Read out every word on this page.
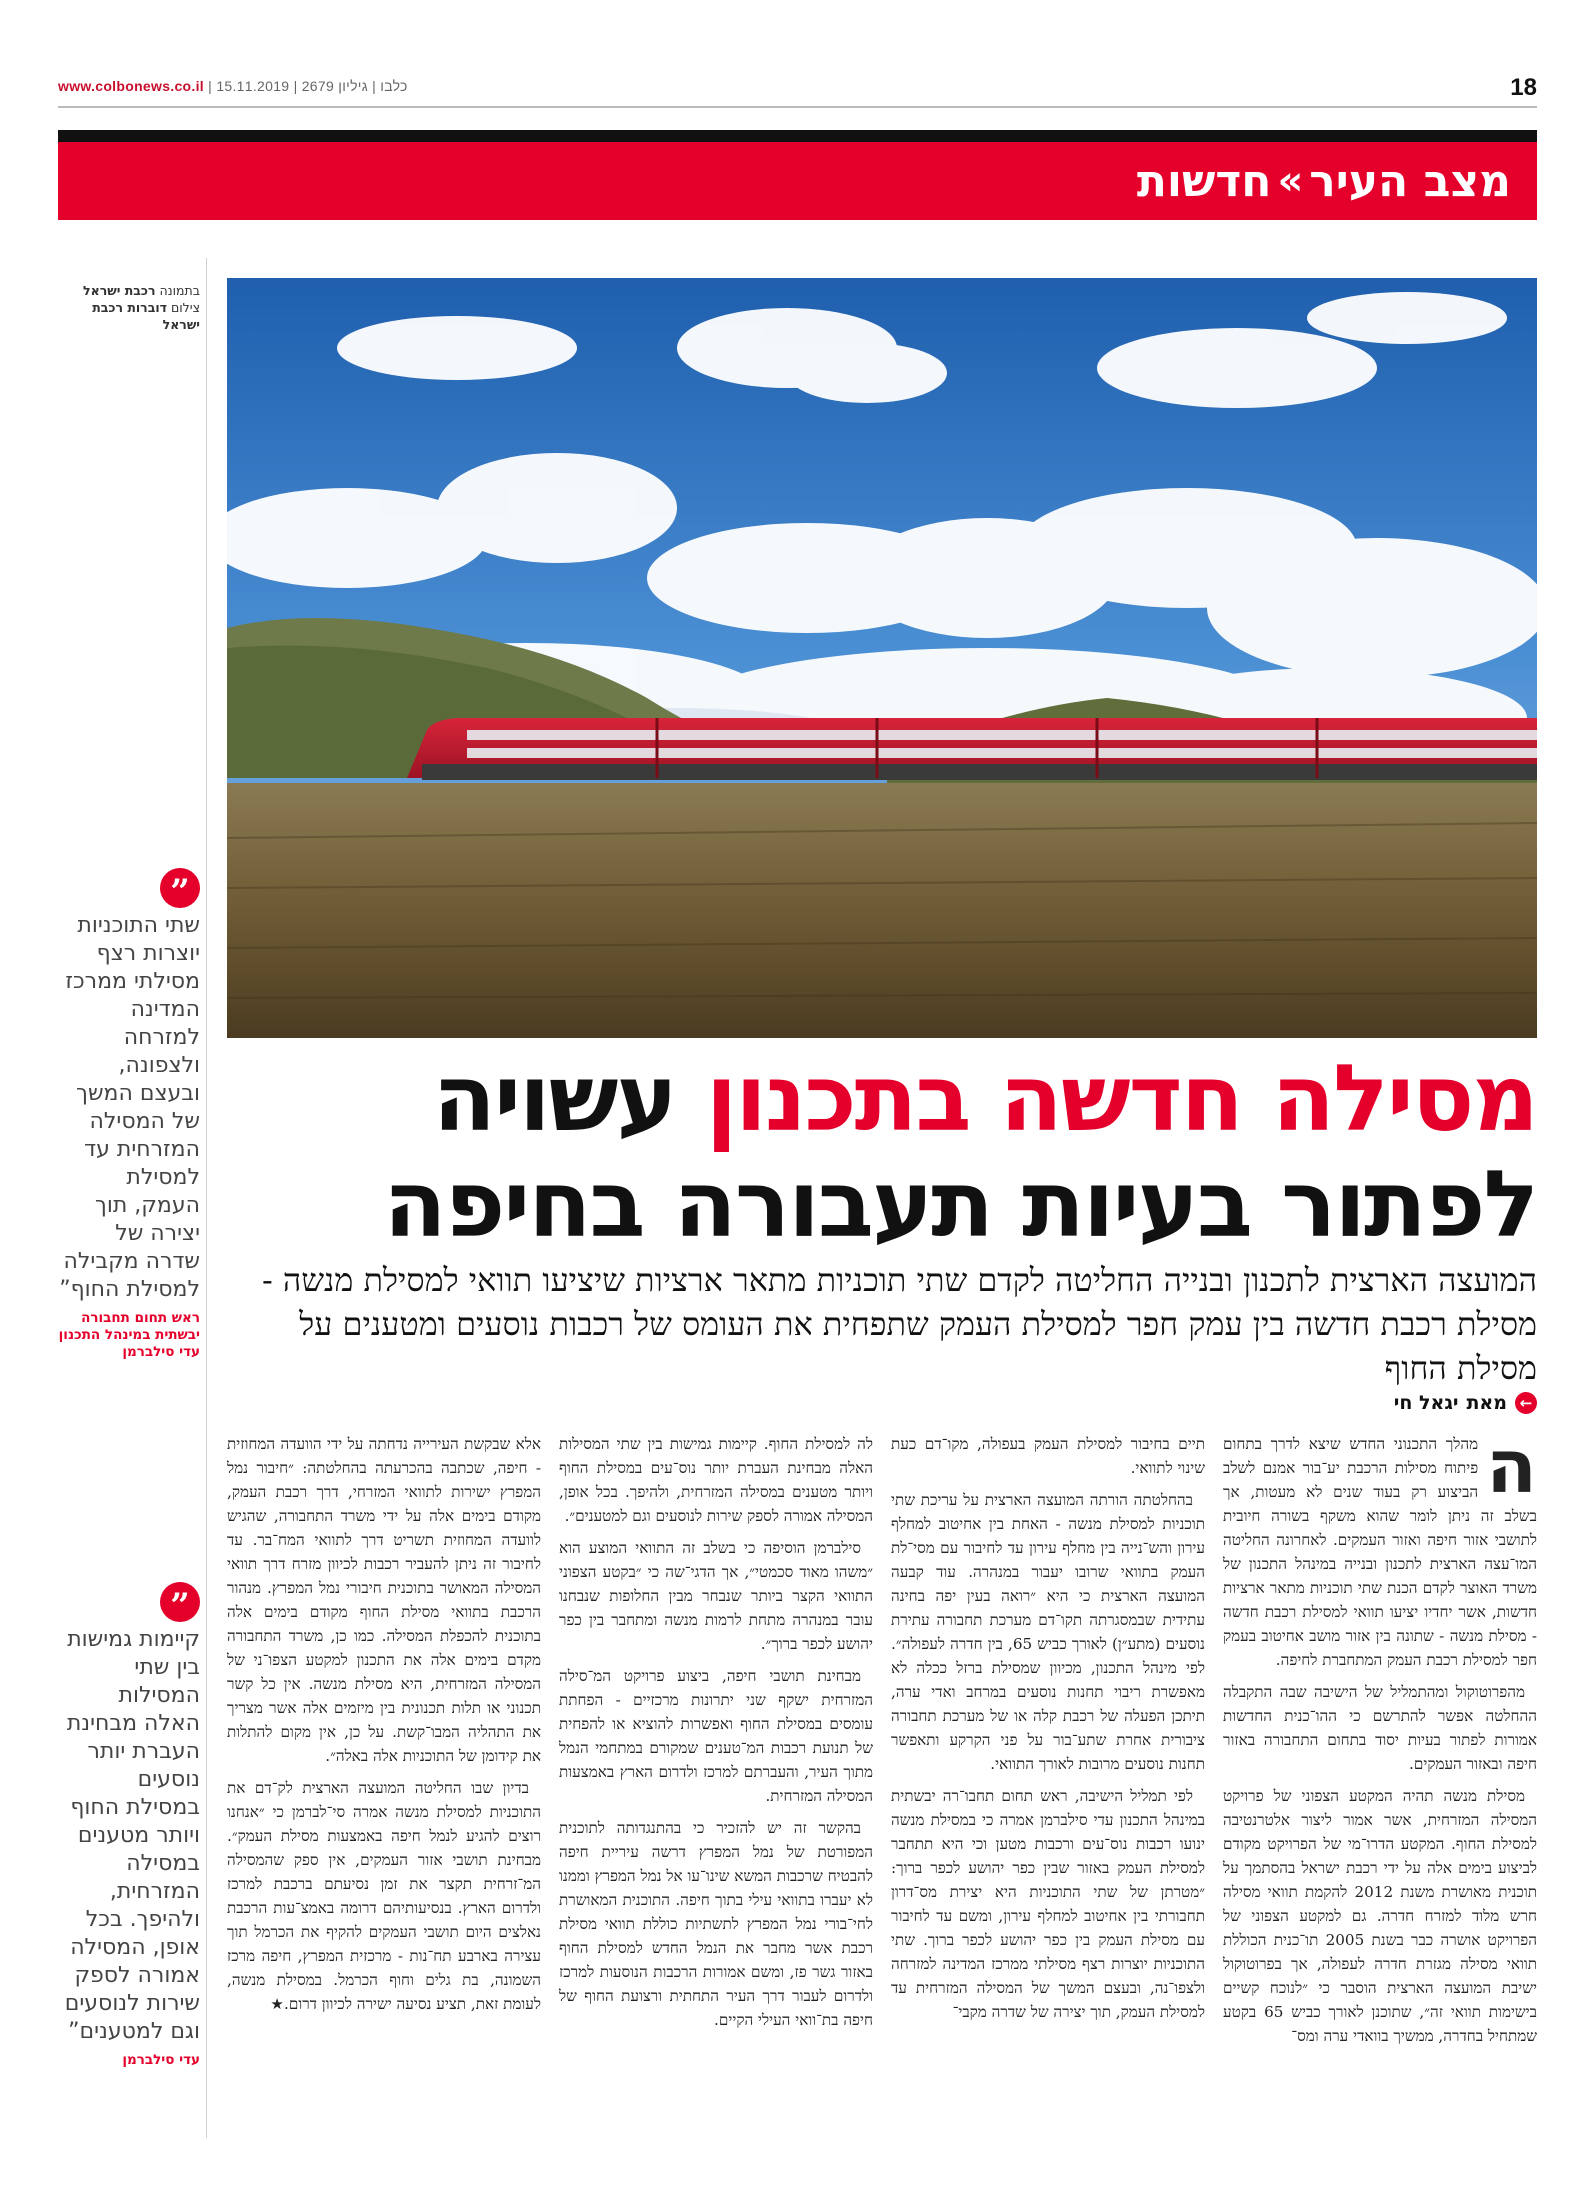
www.colbonews.co.il | כלבו | גיליון 2679 | 15.11.2019	18
מצב העיר
»
חדשות
בתמונה רכבת ישראל
צילום דוברות רכבת ישראל
מסילה חדשה בתכנון עשויה
לפתור בעיות תעבורה בחיפה
המועצה הארצית לתכנון ובנייה החליטה לקדם שתי תוכניות מתאר ארציות שיציעו תוואי למסילת מנשה - מסילת רכבת חדשה בין עמק חפר למסילת העמק שתפחית את העומס של רכבות נוסעים ומטענים על מסילת החוף
←
מאת
יגאל חי
ה

מהלך התכנוני החדש שיצא לדרך בתחום פיתוח מסילות הרכבת יע־בור אמנם לשלב הביצוע רק בעוד שנים לא מעטות, אך בשלב זה ניתן לומר שהוא משקף בשורה חיובית לתושבי אזור חיפה ואזור העמקים. לאחרונה החליטה המו־עצה הארצית לתכנון ובנייה במינהל התכנון של משרד האוצר לקדם הכנת שתי תוכניות מתאר ארציות חדשות, אשר יחדיו יציעו תוואי למסילת רכבת חדשה - מסילת מנשה - שתונה בין אזור מושב אחיטוב בעמק חפר למסילת רכבת העמק המתחברת לחיפה.

מהפרוטוקול ומהתמליל של הישיבה שבה התקבלה ההחלטה אפשר להתרשם כי ההו־כנית החדשות אמורות לפתור בעיות יסוד בתחום התחבורה באזור חיפה ובאזור העמקים.

מסילת מנשה תהיה המקטע הצפוני של פרויקט המסילה המזרחית, אשר אמור ליצור אלטרנטיבה למסילת החוף. המקטע הדרו־מי של הפרויקט מקודם לביצוע בימים אלה על ידי רכבת ישראל בהסתמך על תוכנית מאושרת משנת 2012 להקמת תוואי מסילה חרש מלוד למזרח חדרה. גם למקטע הצפוני של הפרויקט אושרה כבר בשנת 2005 תו־כנית הכוללת תוואי מסילה מגזרת חדרה לעפולה, אך בפרוטוקול ישיבת המועצה הארצית הוסבר כי ״לנוכח קשיים בישימות תוואי זה״, שתוכנן לאורך כביש 65 בקטע שמתחיל בחדרה, ממשיך בוואדי ערה ומס־

תיים בחיבור למסילת העמק בעפולה, מקו־דם כעת שינוי לתוואי.

בהחלטתה הורתה המועצה הארצית על עריכת שתי תוכניות למסילת מנשה - האחת בין אחיטוב למחלף עירון והש־נייה בין מחלף עירון עד לחיבור עם מסי־לת העמק בתוואי שרובו יעבור במנהרה. עוד קבעה המועצה הארצית כי היא ״רואה בעין יפה בחינה עתידית שבמסגרתה תקו־דם מערכת תחבורה עתירת נוסעים (מתע״ן) לאורך כביש 65, בין חדרה לעפולה״. לפי מינהל התכנון, מכיוון שמסילת ברזל ככלה לא מאפשרת ריבוי תחנות נוסעים במרחב ואדי ערה, תיתכן הפעלה של רכבת קלה או של מערכת תחבורה ציבורית אחרת שתע־בור על פני הקרקע ותאפשר תחנות נוסעים מרובות לאורך התוואי.

לפי תמליל הישיבה, ראש תחום תחבו־רה יבשתית במינהל התכנון עדי סילברמן אמרה כי במסילת מנשה ינועו רכבות נוס־עים ורכבות מטען וכי היא תתחבר למסילת העמק באזור שבין כפר יהושע לכפר ברוך: ״מטרתן של שתי התוכניות היא יצירת מס־דרון תחבורתי בין אחיטוב למחלף עירון, ומשם עד לחיבור עם מסילת העמק בין כפר יהושע לכפר ברוך. שתי התוכניות יוצרות רצף מסילתי ממרכז המדינה למזרחה ולצפו־נה, ובעצם המשך של המסילה המזרחית עד למסילת העמק, תוך יצירה של שדרה מקבי־

לה למסילת החוף. קיימות גמישות בין שתי המסילות האלה מבחינת העברת יותר נוס־עים במסילת החוף ויותר מטענים במסילה המזרחית, ולהיפך. בכל אופן, המסילה אמורה לספק שירות לנוסעים וגם למטענים״.

סילברמן הוסיפה כי בשלב זה התוואי המוצע הוא ״משהו מאוד סכמטי״, אך הדגי־שה כי ״בקטע הצפוני התוואי הקצר ביותר שנבחר מבין החלופות שנבחנו עובר במנהרה מתחת לרמות מנשה ומתחבר בין כפר יהושע לכפר ברוך״.

מבחינת תושבי חיפה, ביצוע פרויקט המ־סילה המזרחית ישקף שני יתרונות מרכזיים - הפחתת עומסים במסילת החוף ואפשרות להוציא או להפחית של תנועת רכבות המ־טענים שמקורם במתחמי הנמל מתוך העיר, והעברתם למרכז ולדרום הארץ באמצעות המסילה המזרחית.

בהקשר זה יש להזכיר כי בהתנגדותה לתוכנית המפורטת של נמל המפרץ דרשה עיריית חיפה להבטיח שרכבות המשא שינו־עו אל נמל המפרץ וממנו לא יעברו בתוואי עילי בתוך חיפה. התוכנית המאושרת לחי־בורי נמל המפרץ לתשתיות כוללת תוואי מסילת רכבת אשר מחבר את הנמל החדש למסילת החוף באזור גשר פז, ומשם אמורות הרכבות הנוסעות למרכז ולדרום לעבור דרך העיר התחתית ורצועת החוף של חיפה בת־וואי העילי הקיים.

אלא שבקשת העירייה נדחתה על ידי הוועדה המחוזית - חיפה, שכתבה בהכרעתה בהחלטתה: ״חיבור נמל המפרץ ישירות לתוואי המזרחי, דרך רכבת העמק, מקודם בימים אלה על ידי משרד התחבורה, שהגיש לוועדה המחוזית תשריט דרך לתוואי המח־בר. עד לחיבור זה ניתן להעביר רכבות לכיוון מזרח דרך תוואי המסילה המאושר בתוכנית חיבורי נמל המפרץ. מנהור הרכבת בתוואי מסילת החוף מקודם בימים אלה בתוכנית להכפלת המסילה. כמו כן, משרד התחבורה מקדם בימים אלה את התכנון למקטע הצפו־ני של המסילה המזרחית, היא מסילת מנשה. אין כל קשר תכנוני או תלות תכנונית בין מיזמים אלה אשר מצריך את התהליה המבו־קשת. על כן, אין מקום להתלות את קידומן של התוכניות אלה באלה״.

בדיון שבו החליטה המועצה הארצית לק־דם את התוכניות למסילת מנשה אמרה סי־לברמן כי ״אנחנו רוצים להגיע לנמל חיפה באמצעות מסילת העמק״. מבחינת תושבי אזור העמקים, אין ספק שהמסילה המ־זרחית תקצר את זמן נסיעתם ברכבת למרכז ולדרום הארץ. בנסיעותיהם דרומה באמצ־עות הרכבת נאלצים היום תושבי העמקים להקיף את הכרמל תוך עצירה בארבע תח־נות - מרכזית המפרץ, חיפה מרכז השמונה, בת גלים וחוף הכרמל. במסילת מנשה, לעומת זאת, תציע נסיעה ישירה לכיוון דרום.★

”
שתי התוכניות יוצרות רצף מסילתי ממרכז המדינה למזרחה ולצפונה, ובעצם המשך של המסילה המזרחית עד למסילת העמק, תוך יצירה של שדרה מקבילה למסילת החוף”
ראש תחום תחבורה יבשתית במינהל התכנון עדי סילברמן
”
קיימות גמישות בין שתי המסילות האלה מבחינת העברת יותר נוסעים במסילת החוף ויותר מטענים במסילה המזרחית, ולהיפך. בכל אופן, המסילה אמורה לספק שירות לנוסעים וגם למטענים”
עדי סילברמן
